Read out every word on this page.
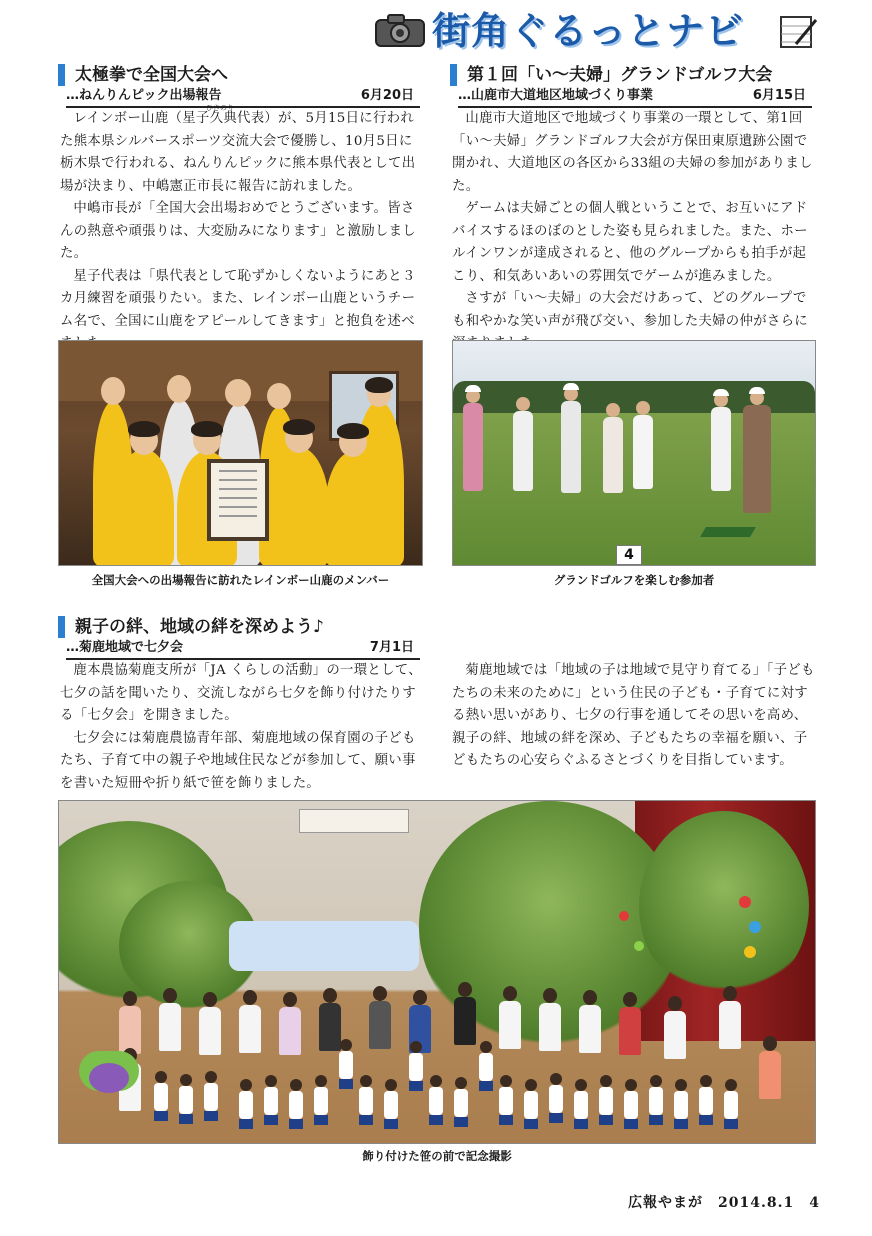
街角ぐるっとナビ
太極拳で全国大会へ
…ねんりんピック出場報告	6月20日

レインボー山鹿（星子久典代表）が、5月15日に行われた熊本県シルバースポーツ交流大会で優勝し、10月5日に栃木県で行われる、ねんりんピックに熊本県代表として出場が決まり、中嶋憲正市長に報告に訪れました。

中嶋市長が「全国大会出場おめでとうございます。皆さんの熱意や頑張りは、大変励みになります」と激励しました。

星子代表は「県代表として恥ずかしくないようにあと３カ月練習を頑張りたい。また、レインボー山鹿というチーム名で、全国に山鹿をアピールしてきます」と抱負を述べ

ひさのり
全国大会への出場報告に訪れたレインボー山鹿のメンバー
第１回「い～夫婦」グランドゴルフ大会
…山鹿市大道地区地域づくり事業	6月15日

山鹿市大道地区で地域づくり事業の一環として、第1回「い～夫婦」グランドゴルフ大会が方保田東原遺跡公園で開かれ、大道地区の各区から33組の夫婦の参加がありました。

ゲームは夫婦ごとの個人戦ということで、お互いにアドバイスするほのぼのとした姿も見られました。また、ホールインワンが達成されると、他のグループからも拍手が起こり、和気あいあいの雰囲気でゲームが進みました。

さすが「い～夫婦」の大会だけあって、どのグループでも和やかな笑い声が飛び交い、参加した夫婦の仲がさらに

4
グランドゴルフを楽しむ参加者
親子の絆、地域の絆を深めよう♪
…菊鹿地域で七夕会	7月1日

鹿本農協菊鹿支所が「JA くらしの活動」の一環として、七夕の話を聞いたり、交流しながら七夕を飾り付けたりする「七夕会」を開きました。

七夕会には菊鹿農協青年部、菊鹿地域の保育園の子どもたち、子育て中の親子や地域住民などが参加して、願い事を書いた短冊や折り紙で笹を飾りました。

菊鹿地域では「地域の子は地域で見守り育てる」「子どもたちの未来のために」という住民の子ども・子育てに対する熱い思いがあり、七夕の行事を通してその思いを高め、親子の絆、地域の絆を深め、子どもたちの幸福を願い、子どもたちの心安らぐふるさとづくりを目指しています。

飾り付けた笹の前で記念撮影
広報やまが　2014.8.1　4
